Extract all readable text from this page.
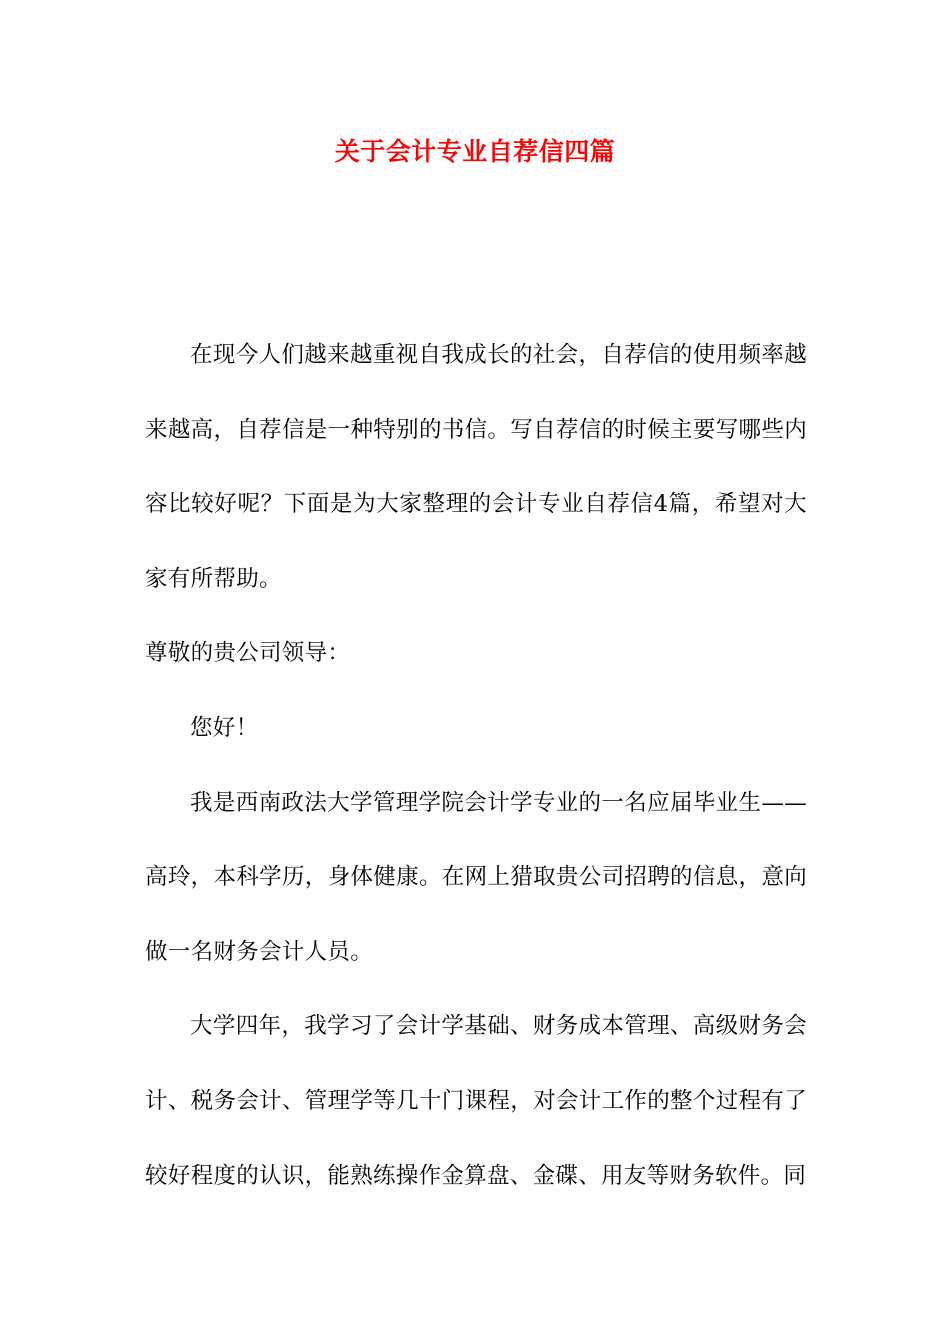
关于会计专业自荐信四篇

在现今人们越来越重视自我成长的社会，自荐信的使用频率越来越高，自荐信是一种特别的书信。写自荐信的时候主要写哪些内容比较好呢？下面是为大家整理的会计专业自荐信4篇，希望对大家有所帮助。

尊敬的贵公司领导：

您好！

我是西南政法大学管理学院会计学专业的一名应届毕业生——高玲，本科学历，身体健康。在网上猎取贵公司招聘的信息，意向做一名财务会计人员。

大学四年，我学习了会计学基础、财务成本管理、高级财务会计、税务会计、管理学等几十门课程，对会计工作的整个过程有了较好程度的认识，能熟练操作金算盘、金碟、用友等财务软件。同
